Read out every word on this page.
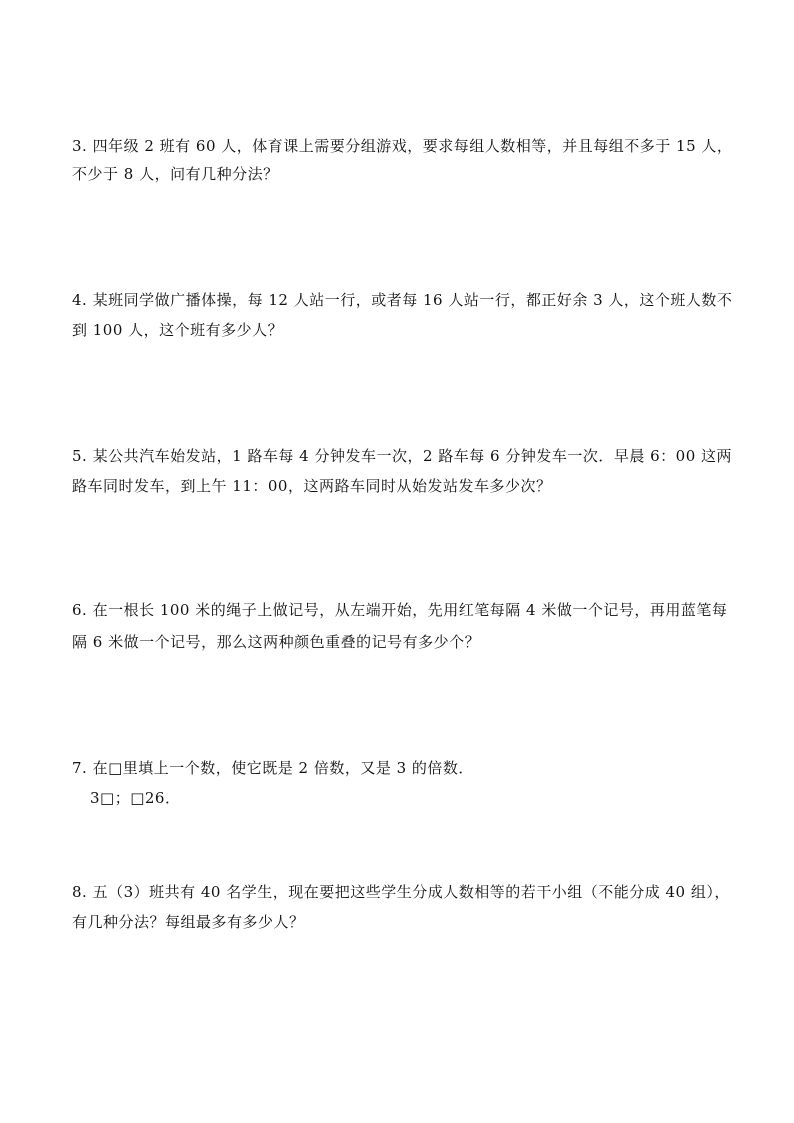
3. 四年级 2 班有 60 人，体育课上需要分组游戏，要求每组人数相等，并且每组不多于 15 人，
不少于 8 人，问有几种分法？
4. 某班同学做广播体操，每 12 人站一行，或者每 16 人站一行，都正好余 3 人，这个班人数不
到 100 人，这个班有多少人？
5. 某公共汽车始发站，1 路车每 4 分钟发车一次，2 路车每 6 分钟发车一次．早晨 6：00 这两
路车同时发车，到上午 11：00，这两路车同时从始发站发车多少次？
6. 在一根长 100 米的绳子上做记号，从左端开始，先用红笔每隔 4 米做一个记号，再用蓝笔每
隔 6 米做一个记号，那么这两种颜色重叠的记号有多少个？
7. 在□里填上一个数，使它既是 2 倍数，又是 3 的倍数．
3□；□26．
8. 五（3）班共有 40 名学生，现在要把这些学生分成人数相等的若干小组（不能分成 40 组），
有几种分法？每组最多有多少人？
